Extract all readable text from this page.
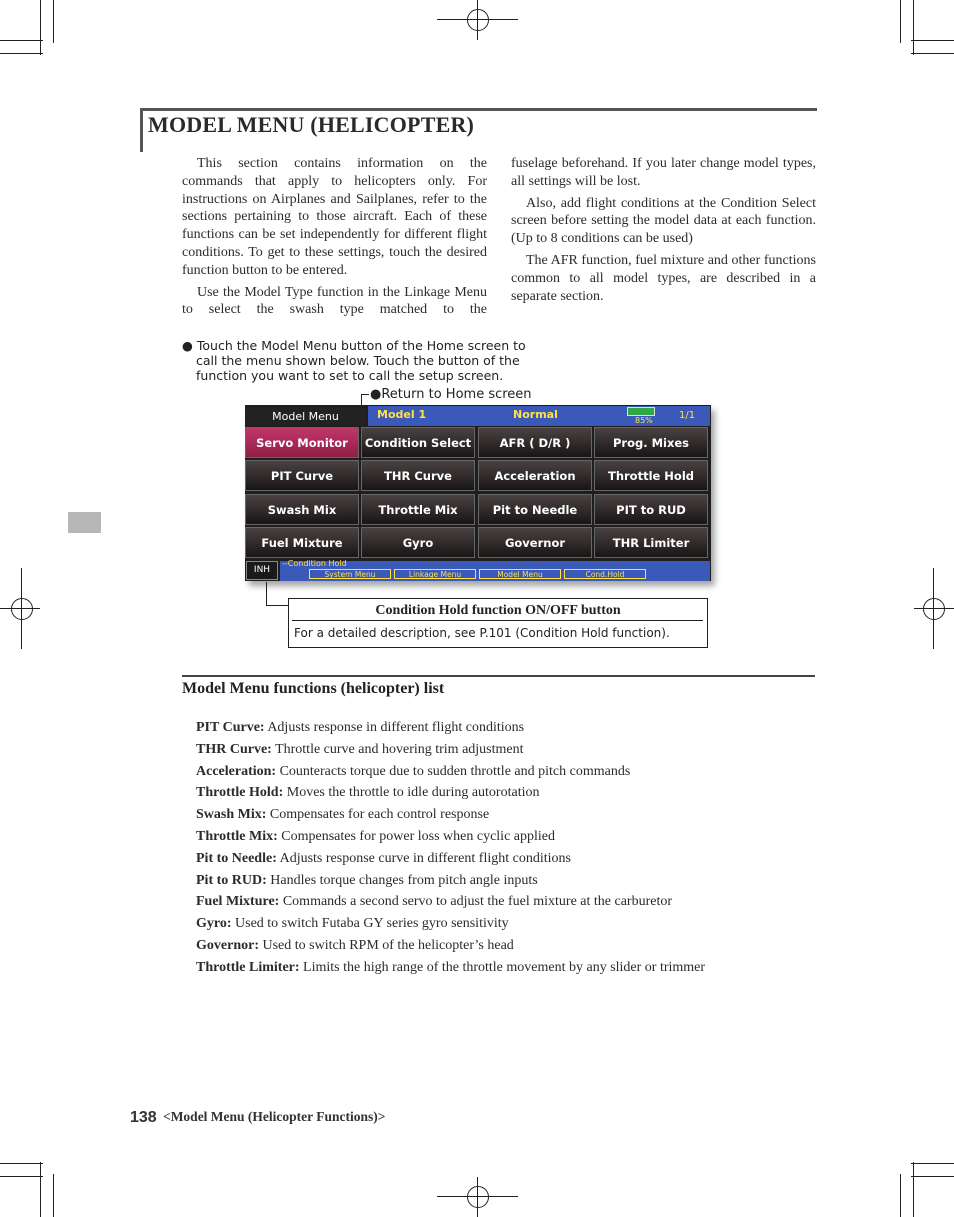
MODEL MENU (HELICOPTER)

This section contains information on the commands that apply to helicopters only. For instructions on Airplanes and Sailplanes, refer to the sections pertaining to those aircraft. Each of these functions can be set independently for different flight conditions. To get to these settings, touch the desired function button to be entered.

Use the Model Type function in the Linkage Menu to select the swash type matched to the

fuselage beforehand. If you later change model types, all settings will be lost.

Also, add flight conditions at the Condition Select screen before setting the model data at each function. (Up to 8 conditions can be used)

The AFR function, fuel mixture and other functions common to all model types, are described in a separate section.

● Touch the Model Menu button of the Home screen to call the menu shown below. Touch the button of the function you want to set to call the setup screen.
●Return to Home screen
Model Menu	Model 1	Normal	85%	1/1
Servo Monitor	Condition Select	AFR ( D/R )	Prog. Mixes
PIT Curve	THR Curve	Acceleration	Throttle Hold
Swash Mix	Throttle Mix	Pit to Needle	PIT to RUD
Fuel Mixture	Gyro	Governor	THR Limiter
INH
--Condition Hold
System Menu	Linkage Menu	Model Menu	Cond.Hold
Condition Hold function ON/OFF button
For a detailed description, see P.101 (Condition Hold function).
Model Menu functions (helicopter) list
PIT Curve: Adjusts response in different flight conditions
THR Curve: Throttle curve and hovering trim adjustment
Acceleration: Counteracts torque due to sudden throttle and pitch commands
Throttle Hold: Moves the throttle to idle during autorotation
Swash Mix: Compensates for each control response
Throttle Mix: Compensates for power loss when cyclic applied
Pit to Needle: Adjusts response curve in different flight conditions
Pit to RUD: Handles torque changes from pitch angle inputs
Fuel Mixture: Commands a second servo to adjust the fuel mixture at the carburetor
Gyro: Used to switch Futaba GY series gyro sensitivity
Governor: Used to switch RPM of the helicopter’s head
Throttle Limiter: Limits the high range of the throttle movement by any slider or trimmer
138 <Model Menu (Helicopter Functions)>
